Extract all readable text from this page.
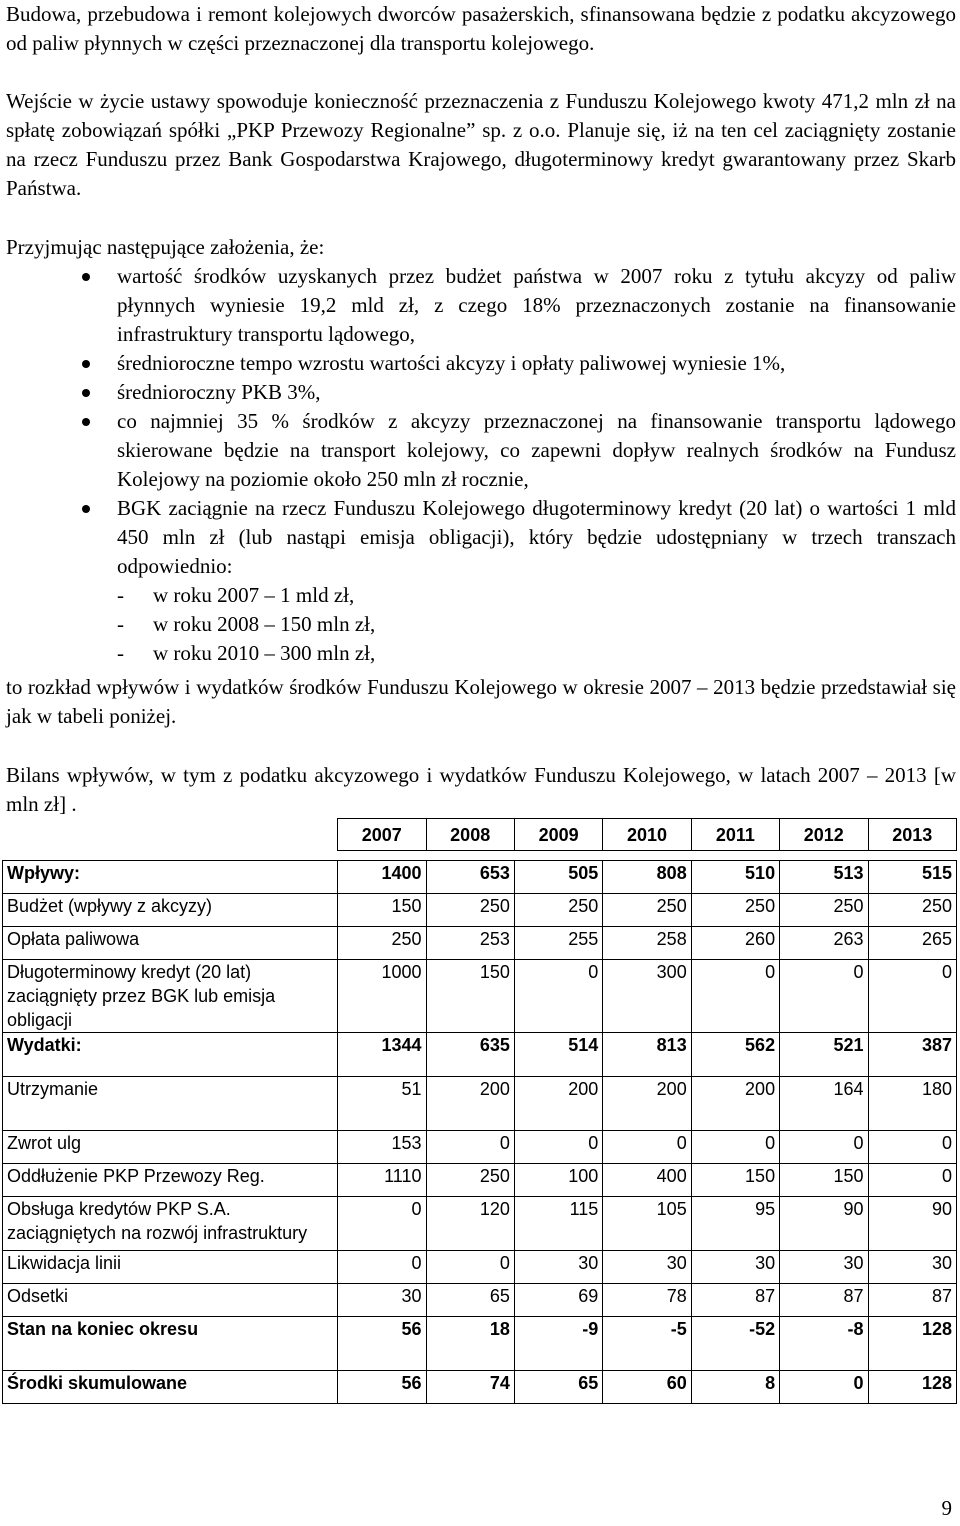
Budowa, przebudowa i remont kolejowych dworców pasażerskich, sfinansowana będzie z podatku akcyzowego od paliw płynnych w części przeznaczonej dla transportu kolejowego.
Wejście w życie ustawy spowoduje konieczność przeznaczenia z Funduszu Kolejowego kwoty 471,2 mln zł na spłatę zobowiązań spółki „PKP Przewozy Regionalne” sp. z o.o. Planuje się, iż na ten cel zaciągnięty zostanie na rzecz Funduszu przez Bank Gospodarstwa Krajowego, długoterminowy kredyt gwarantowany przez Skarb Państwa.
Przyjmując następujące założenia, że:
wartość środków uzyskanych przez budżet państwa w 2007 roku z tytułu akcyzy od paliw płynnych wyniesie 19,2 mld zł, z czego 18% przeznaczonych zostanie na finansowanie infrastruktury transportu lądowego,
średnioroczne tempo wzrostu wartości akcyzy i opłaty paliwowej wyniesie 1%,
średnioroczny PKB 3%,
co najmniej 35 % środków z akcyzy przeznaczonej na finansowanie transportu lądowego skierowane będzie na transport kolejowy, co zapewni dopływ realnych środków na Fundusz Kolejowy na poziomie około 250 mln zł rocznie,
BGK zaciągnie na rzecz Funduszu Kolejowego długoterminowy kredyt (20 lat) o wartości 1 mld 450 mln zł (lub nastąpi emisja obligacji), który będzie udostępniany w trzech transzach odpowiednio:
- w roku 2007 – 1 mld zł,
- w roku 2008 – 150 mln zł,
- w roku 2010 – 300 mln zł,
to rozkład wpływów i wydatków środków Funduszu Kolejowego w okresie 2007 – 2013 będzie przedstawiał się jak w tabeli poniżej.
Bilans wpływów, w tym z podatku akcyzowego i wydatków Funduszu Kolejowego, w latach 2007 – 2013 [w mln zł] .
	2007	2008	2009	2010	2011	2012	2013

Wpływy:	1400	653	505	808	510	513	515
Budżet (wpływy z akcyzy)	150	250	250	250	250	250	250
Opłata paliwowa	250	253	255	258	260	263	265
Długoterminowy kredyt (20 lat) zaciągnięty przez BGK lub emisja obligacji	1000	150	0	300	0	0	0
Wydatki:	1344	635	514	813	562	521	387
Utrzymanie	51	200	200	200	200	164	180
Zwrot ulg	153	0	0	0	0	0	0
Oddłużenie PKP Przewozy Reg.	1110	250	100	400	150	150	0
Obsługa kredytów PKP S.A. zaciągniętych na rozwój infrastruktury	0	120	115	105	95	90	90
Likwidacja linii	0	0	30	30	30	30	30
Odsetki	30	65	69	78	87	87	87
Stan na koniec okresu	56	18	-9	-5	-52	-8	128
Środki skumulowane	56	74	65	60	8	0	128
9
